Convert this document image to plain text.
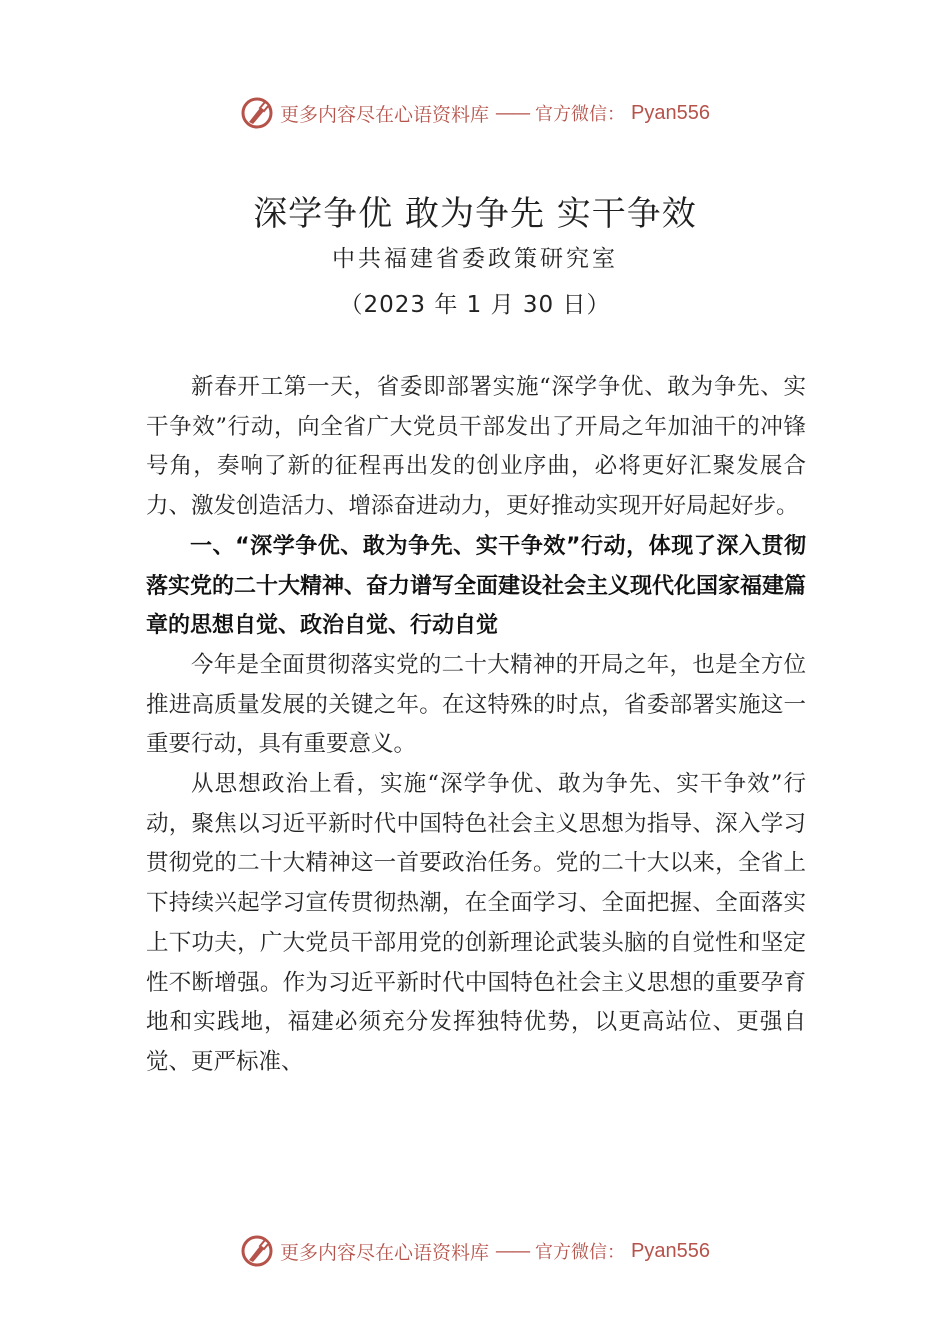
更多内容尽在心语资料库 —— 官方微信： Pyan556
深学争优 敢为争先 实干争效
中共福建省委政策研究室
（2023 年 1 月 30 日）

新春开工第一天，省委即部署实施“深学争优、敢为争先、实干争效”行动，向全省广大党员干部发出了开局之年加油干的冲锋号角，奏响了新的征程再出发的创业序曲，必将更好汇聚发展合力、激发创造活力、增添奋进动力，更好推动实现开好局起好步。

一、“深学争优、敢为争先、实干争效”行动，体现了深入贯彻落实党的二十大精神、奋力谱写全面建设社会主义现代化国家福建篇章的思想自觉、政治自觉、行动自觉

今年是全面贯彻落实党的二十大精神的开局之年，也是全方位推进高质量发展的关键之年。在这特殊的时点，省委部署实施这一重要行动，具有重要意义。

从思想政治上看，实施“深学争优、敢为争先、实干争效”行动，聚焦以习近平新时代中国特色社会主义思想为指导、深入学习贯彻党的二十大精神这一首要政治任务。党的二十大以来，全省上下持续兴起学习宣传贯彻热潮，在全面学习、全面把握、全面落实上下功夫，广大党员干部用党的创新理论武装头脑的自觉性和坚定性不断增强。作为习近平新时代中国特色社会主义思想的重要孕育地和实践地，福建必须充分发挥独特优势，以更高站位、更强自觉、更严标准、

更多内容尽在心语资料库 —— 官方微信： Pyan556
